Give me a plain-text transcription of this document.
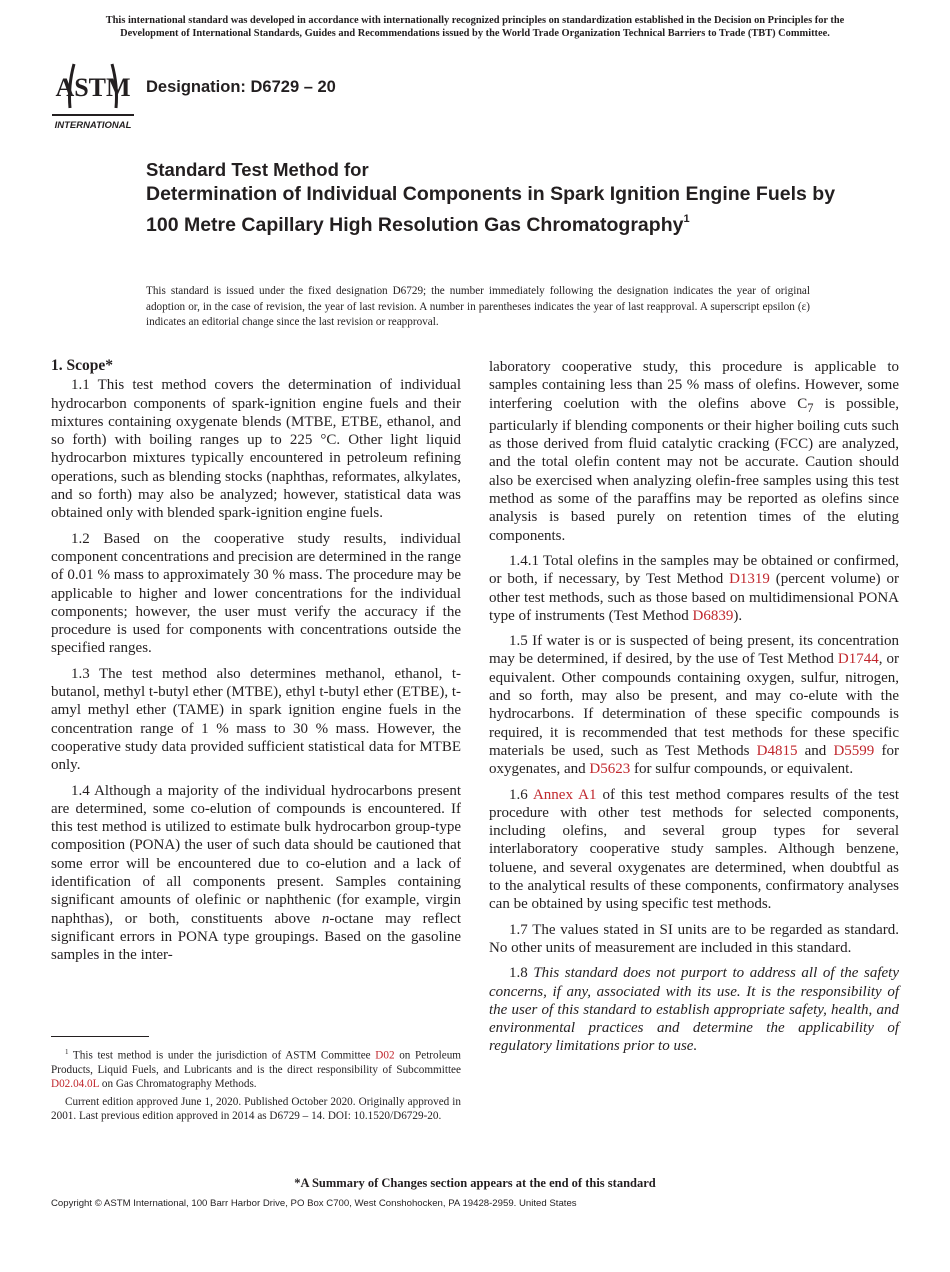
This international standard was developed in accordance with internationally recognized principles on standardization established in the Decision on Principles for the
Development of International Standards, Guides and Recommendations issued by the World Trade Organization Technical Barriers to Trade (TBT) Committee.
ASTM
INTERNATIONAL
Designation: D6729 – 20
Standard Test Method for
Determination of Individual Components in Spark Ignition Engine Fuels by 100 Metre Capillary High Resolution Gas Chromatography$^1$
This standard is issued under the fixed designation D6729; the number immediately following the designation indicates the year of original adoption or, in the case of revision, the year of last revision. A number in parentheses indicates the year of last reapproval. A superscript epsilon (ε) indicates an editorial change since the last revision or reapproval.
1. Scope*

1.1 This test method covers the determination of individual hydrocarbon components of spark-ignition engine fuels and their mixtures containing oxygenate blends (MTBE, ETBE, ethanol, and so forth) with boiling ranges up to 225 °C. Other light liquid hydrocarbon mixtures typically encountered in petroleum refining operations, such as blending stocks (naphthas, reformates, alkylates, and so forth) may also be analyzed; however, statistical data was obtained only with blended spark-ignition engine fuels.

1.2 Based on the cooperative study results, individual component concentrations and precision are determined in the range of 0.01 % mass to approximately 30 % mass. The procedure may be applicable to higher and lower concentrations for the individual components; however, the user must verify the accuracy if the procedure is used for components with concentrations outside the specified ranges.

1.3 The test method also determines methanol, ethanol, t-butanol, methyl t-butyl ether (MTBE), ethyl t-butyl ether (ETBE), t-amyl methyl ether (TAME) in spark ignition engine fuels in the concentration range of 1 % mass to 30 % mass. However, the cooperative study data provided sufficient statistical data for MTBE only.

1.4 Although a majority of the individual hydrocarbons present are determined, some co-elution of compounds is encountered. If this test method is utilized to estimate bulk hydrocarbon group-type composition (PONA) the user of such data should be cautioned that some error will be encountered due to co-elution and a lack of identification of all components present. Samples containing significant amounts of olefinic or naphthenic (for example, virgin naphthas), or both, constituents above n-octane may reflect significant errors in PONA type groupings. Based on the gasoline samples in the inter-

laboratory cooperative study, this procedure is applicable to samples containing less than 25 % mass of olefins. However, some interfering coelution with the olefins above $C_7$ is possible, particularly if blending components or their higher boiling cuts such as those derived from fluid catalytic cracking (FCC) are analyzed, and the total olefin content may not be accurate. Caution should also be exercised when analyzing olefin-free samples using this test method as some of the paraffins may be reported as olefins since analysis is based purely on retention times of the eluting components.

1.4.1 Total olefins in the samples may be obtained or confirmed, or both, if necessary, by Test Method D1319 (percent volume) or other test methods, such as those based on multidimensional PONA type of instruments (Test Method D6839).

1.5 If water is or is suspected of being present, its concentration may be determined, if desired, by the use of Test Method D1744, or equivalent. Other compounds containing oxygen, sulfur, nitrogen, and so forth, may also be present, and may co-elute with the hydrocarbons. If determination of these specific compounds is required, it is recommended that test methods for these specific materials be used, such as Test Methods D4815 and D5599 for oxygenates, and D5623 for sulfur compounds, or equivalent.

1.6 Annex A1 of this test method compares results of the test procedure with other test methods for selected components, including olefins, and several group types for several interlaboratory cooperative study samples. Although benzene, toluene, and several oxygenates are determined, when doubtful as to the analytical results of these components, confirmatory analyses can be obtained by using specific test methods.

1.7 The values stated in SI units are to be regarded as standard. No other units of measurement are included in this standard.

1.8 This standard does not purport to address all of the safety concerns, if any, associated with its use. It is the responsibility of the user of this standard to establish appropriate safety, health, and environmental practices and determine the applicability of regulatory limitations prior to use.

$^1$ This test method is under the jurisdiction of ASTM Committee D02 on Petroleum Products, Liquid Fuels, and Lubricants and is the direct responsibility of Subcommittee D02.04.0L on Gas Chromatography Methods.

Current edition approved June 1, 2020. Published October 2020. Originally approved in 2001. Last previous edition approved in 2014 as D6729 – 14. DOI: 10.1520/D6729-20.

*A Summary of Changes section appears at the end of this standard
Copyright © ASTM International, 100 Barr Harbor Drive, PO Box C700, West Conshohocken, PA 19428-2959. United States
